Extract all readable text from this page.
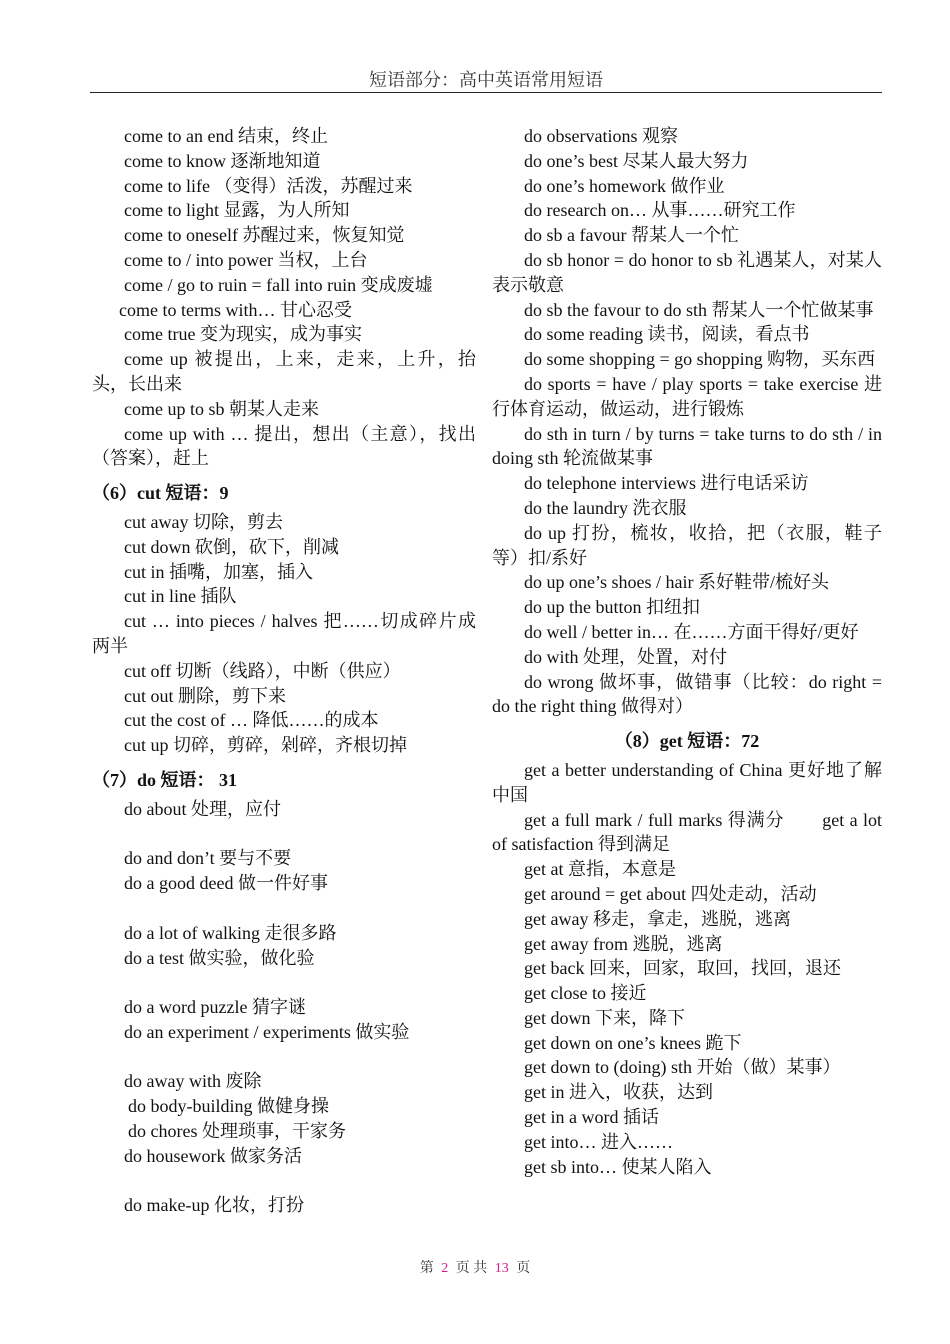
短语部分：高中英语常用短语
come to an end 结束，终止
come to know 逐渐地知道
come to life （变得）活泼，苏醒过来
come to light 显露，为人所知
come to oneself 苏醒过来，恢复知觉
come to / into power 当权，上台
come / go to ruin = fall into ruin 变成废墟
come to terms with… 甘心忍受
come true 变为现实，成为事实
come up 被提出，上来，走来，上升，抬头，长出来
come up to sb 朝某人走来
come up with … 提出，想出（主意），找出（答案），赶上
（6）cut 短语：9
cut away 切除，剪去
cut down 砍倒，砍下，削减
cut in 插嘴，加塞，插入
cut in line 插队
cut … into pieces / halves 把……切成碎片成两半
cut off 切断（线路），中断（供应）
cut out 删除，剪下来
cut the cost of … 降低……的成本
cut up 切碎，剪碎，剁碎，齐根切掉
（7）do 短语： 31
do about 处理，应付
do and don’t 要与不要
do a good deed 做一件好事
do a lot of walking 走很多路
do a test 做实验，做化验
do a word puzzle 猜字谜
do an experiment / experiments 做实验
do away with 废除
do body-building 做健身操
do chores 处理琐事，干家务
do housework 做家务活
do make-up 化妆，打扮
do observations 观察
do one’s best 尽某人最大努力
do one’s homework 做作业
do research on… 从事……研究工作
do sb a favour 帮某人一个忙
do sb honor = do honor to sb 礼遇某人，对某人表示敬意
do sb the favour to do sth 帮某人一个忙做某事
do some reading 读书，阅读，看点书
do some shopping = go shopping 购物，买东西
do sports = have / play sports = take exercise 进行体育运动，做运动，进行锻炼
do sth in turn / by turns = take turns to do sth / in doing sth 轮流做某事
do telephone interviews 进行电话采访
do the laundry 洗衣服
do up 打扮，梳妆，收拾，把（衣服，鞋子等）扣/系好
do up one’s shoes / hair 系好鞋带/梳好头
do up the button 扣纽扣
do well / better in… 在……方面干得好/更好
do with 处理，处置，对付
do wrong 做坏事，做错事（比较：do right = do the right thing 做得对）
（8）get 短语：72
get a better understanding of China 更好地了解中国
get a full mark / full marks 得满分　　get a lot of satisfaction 得到满足
get at 意指，本意是
get around = get about 四处走动，活动
get away 移走，拿走，逃脱，逃离
get away from 逃脱，逃离
get back 回来，回家，取回，找回，退还
get close to 接近
get down 下来，降下
get down on one’s knees 跪下
get down to (doing) sth 开始（做）某事）
get in 进入，收获，达到
get in a word 插话
get into… 进入……
get sb into… 使某人陷入
第 2 页 共 13 页
